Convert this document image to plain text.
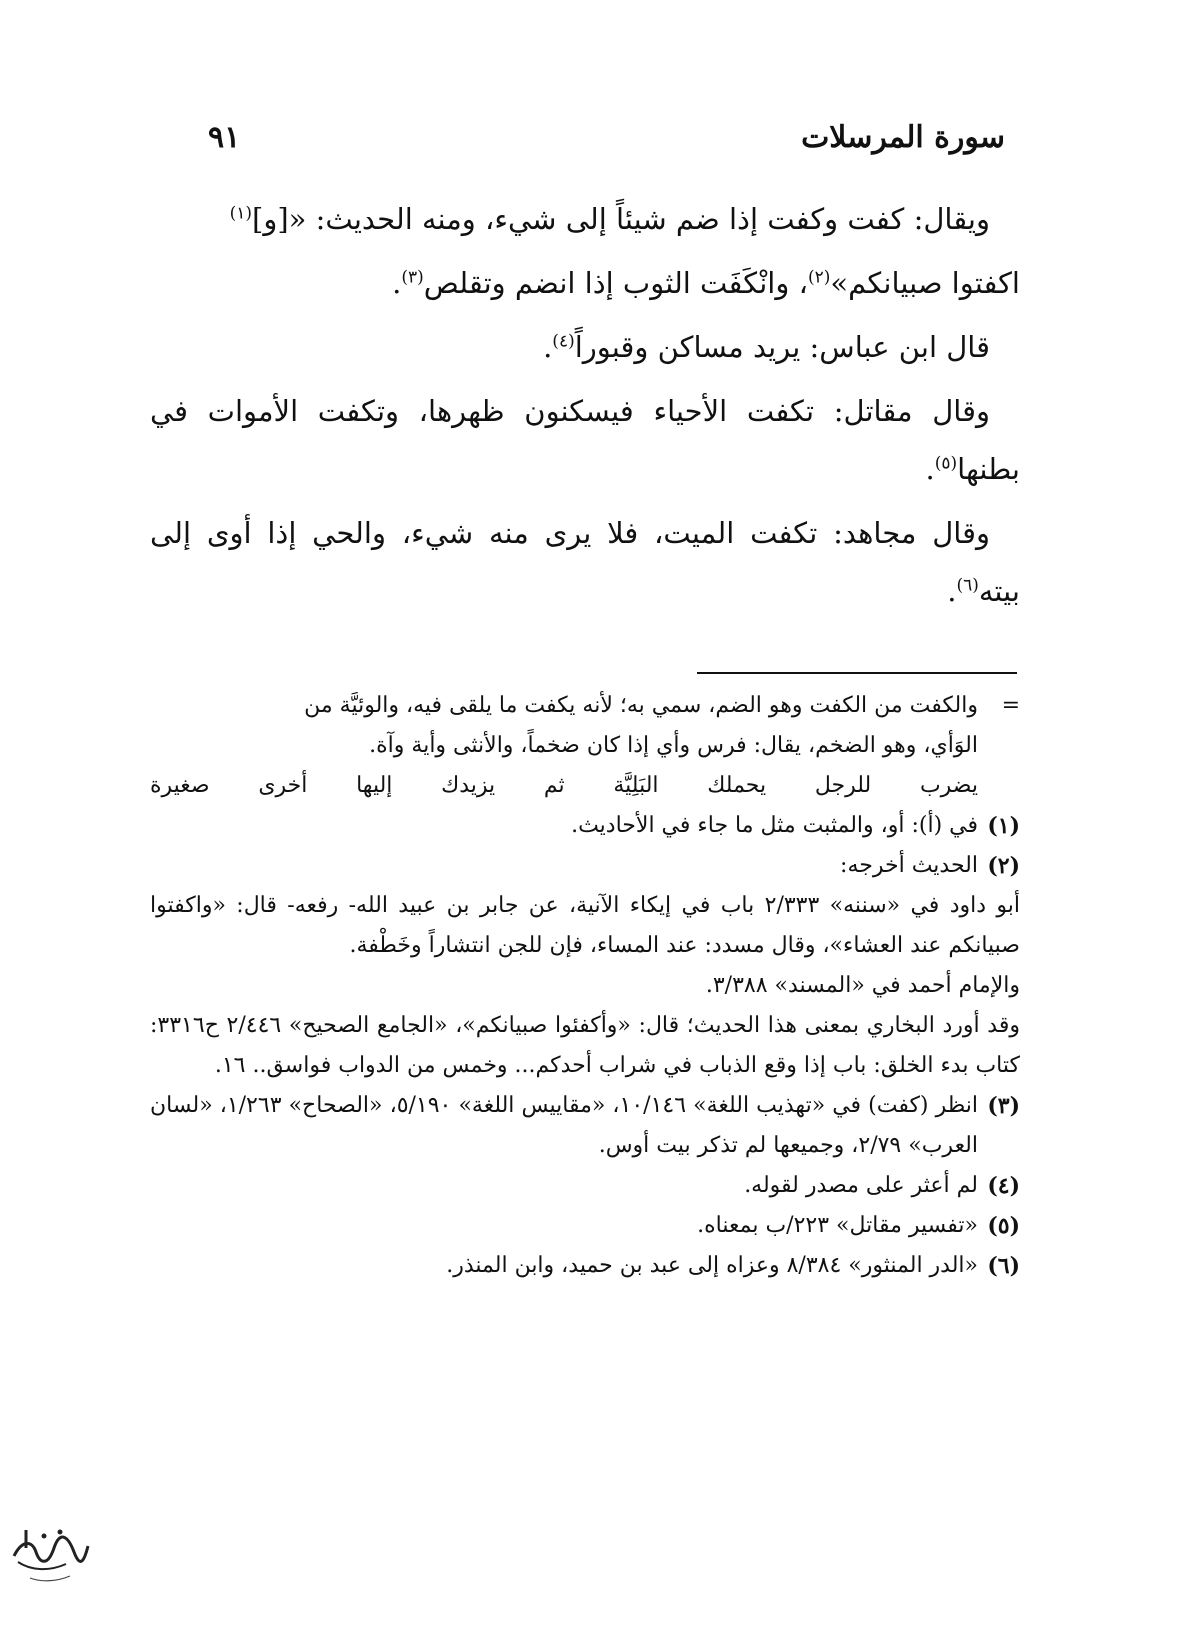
سورة المرسلات
٩١

ويقال: كفت وكفت إذا ضم شيئاً إلى شيء، ومنه الحديث: «[و]$^{(١)}$

اكفتوا صبيانكم»$^{(٢)}$، وانْكَفَت الثوب إذا انضم وتقلص$^{(٣)}$.

قال ابن عباس: يريد مساكن وقبوراً$^{(٤)}$.

وقال مقاتل: تكفت الأحياء فيسكنون ظهرها، وتكفت الأموات في بطنها$^{(٥)}$.

وقال مجاهد: تكفت الميت، فلا يرى منه شيء، والحي إذا أوى إلى بيته$^{(٦)}$.

=

والكفت من الكفت وهو الضم، سمي به؛ لأنه يكفت ما يلقى فيه، والوئيَّة من

الوَأي، وهو الضخم، يقال: فرس وأي إذا كان ضخماً، والأنثى وأية وآة.

يضرب للرجل يحملك البَلِيَّة ثم يزيدك إليها أخرى صغيرة

(١)

في (أ): أو، والمثبت مثل ما جاء في الأحاديث.

(٢)

الحديث أخرجه:

أبو داود في «سننه» ٢/٣٣٣ باب في إيكاء الآنية، عن جابر بن عبيد الله- رفعه- قال: «واكفتوا صبيانكم عند العشاء»، وقال مسدد: عند المساء، فإن للجن انتشاراً وخَطْفة.

والإمام أحمد في «المسند» ٣/٣٨٨.

وقد أورد البخاري بمعنى هذا الحديث؛ قال: «وأكفئوا صبيانكم»، «الجامع الصحيح» ٢/٤٤٦ ح٣٣١٦: كتاب بدء الخلق: باب إذا وقع الذباب في شراب أحدكم... وخمس من الدواب فواسق.. ١٦.

(٣)

انظر (كفت) في «تهذيب اللغة» ١٠/١٤٦، «مقاييس اللغة» ٥/١٩٠، «الصحاح» ١/٢٦٣، «لسان العرب» ٢/٧٩، وجميعها لم تذكر بيت أوس.

(٤)

لم أعثر على مصدر لقوله.

(٥)

«تفسير مقاتل» ٢٢٣/ب بمعناه.

(٦)

«الدر المنثور» ٨/٣٨٤ وعزاه إلى عبد بن حميد، وابن المنذر.
